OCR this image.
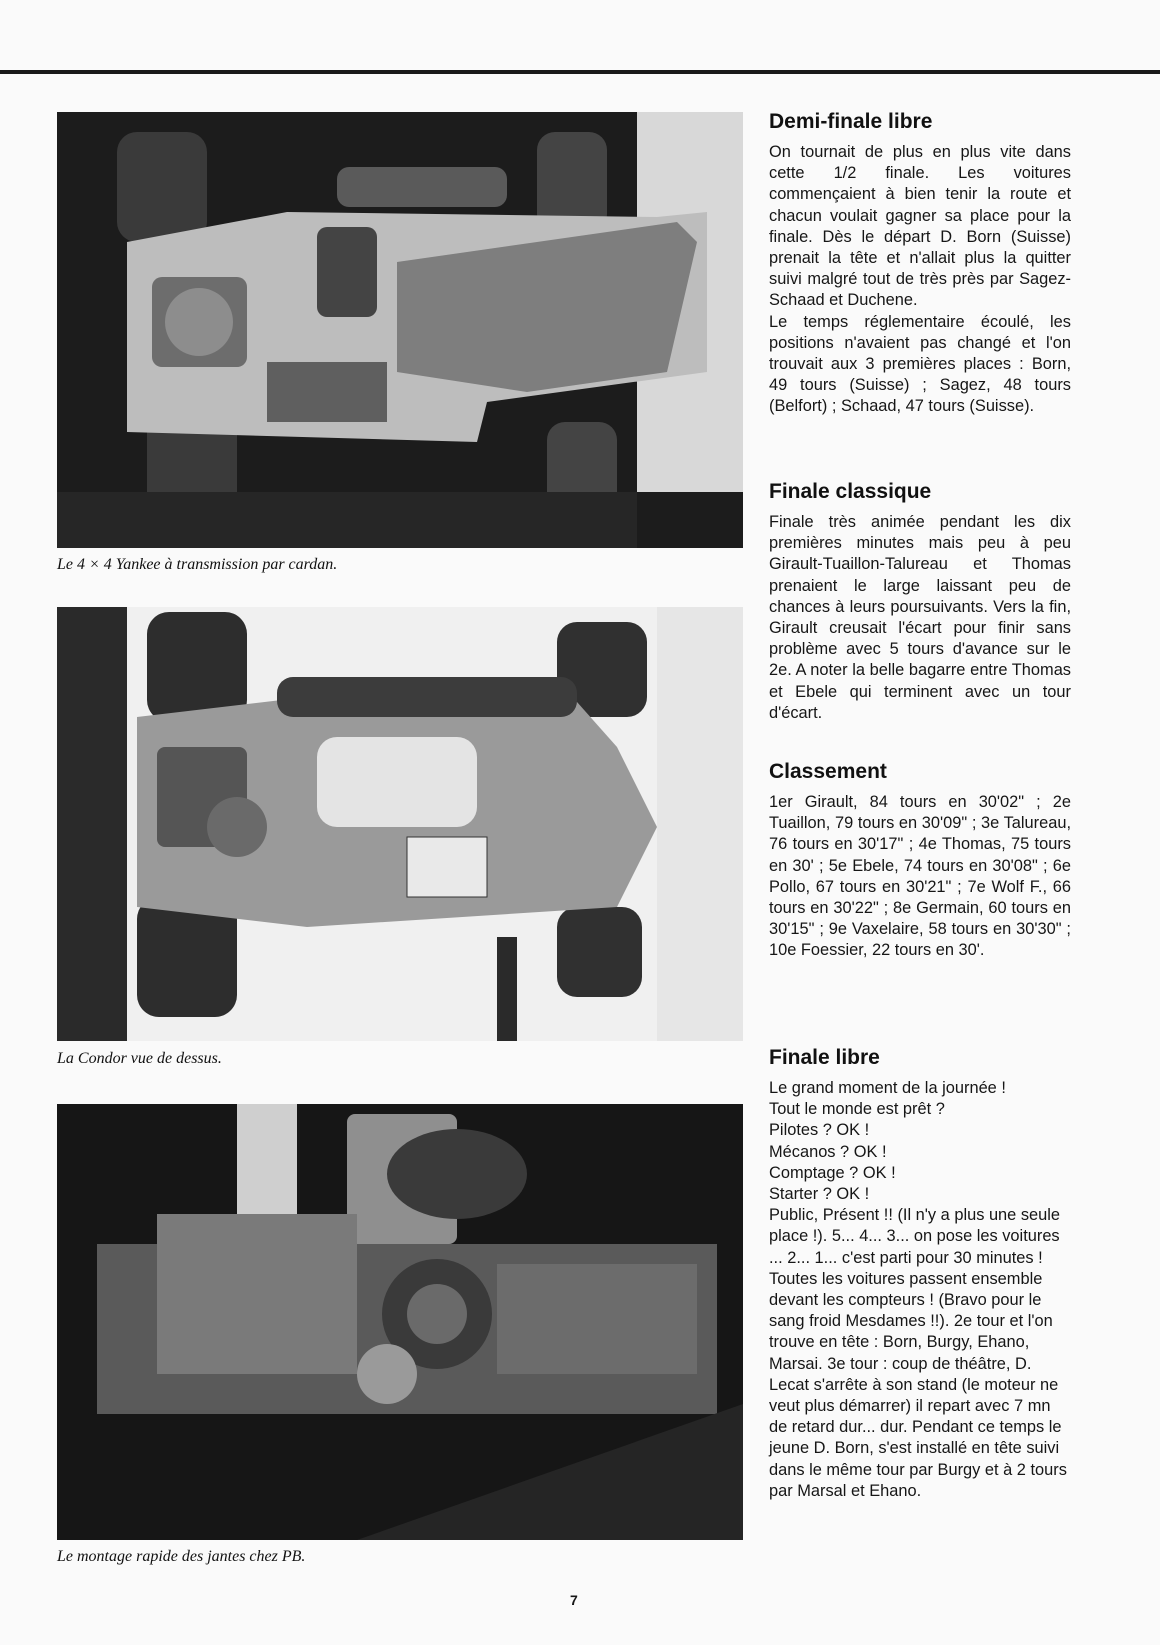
Le 4 × 4 Yankee à transmission par cardan.
La Condor vue de dessus.
Le montage rapide des jantes chez PB.
Demi-finale libre

On tournait de plus en plus vite dans cette 1/2 finale. Les voitures commençaient à bien tenir la route et chacun voulait gagner sa place pour la finale. Dès le départ D. Born (Suisse) prenait la tête et n'allait plus la quitter suivi malgré tout de très près par Sagez-Schaad et Duchene.

Le temps réglementaire écoulé, les positions n'avaient pas changé et l'on trouvait aux 3 premières places : Born, 49 tours (Suisse) ; Sagez, 48 tours (Belfort) ; Schaad, 47 tours (Suisse).

Finale classique

Finale très animée pendant les dix premières minutes mais peu à peu Girault-Tuaillon-Talureau et Thomas prenaient le large laissant peu de chances à leurs poursuivants. Vers la fin, Girault creusait l'écart pour finir sans problème avec 5 tours d'avance sur le 2e. A noter la belle bagarre entre Thomas et Ebele qui terminent avec un tour d'écart.

Classement

1er Girault, 84 tours en 30'02" ; 2e Tuaillon, 79 tours en 30'09" ; 3e Talureau, 76 tours en 30'17" ; 4e Thomas, 75 tours en 30' ; 5e Ebele, 74 tours en 30'08" ; 6e Pollo, 67 tours en 30'21" ; 7e Wolf F., 66 tours en 30'22" ; 8e Germain, 60 tours en 30'15" ; 9e Vaxelaire, 58 tours en 30'30" ; 10e Foessier, 22 tours en 30'.

Finale libre
Le grand moment de la journée !
Tout le monde est prêt ?
Pilotes ? OK !
Mécanos ? OK !
Comptage ? OK !
Starter ? OK !

Public, Présent !! (Il n'y a plus une seule place !). 5... 4... 3... on pose les voitures ... 2... 1... c'est parti pour 30 minutes ! Toutes les voitures passent ensemble devant les compteurs ! (Bravo pour le sang froid Mesdames !!). 2e tour et l'on trouve en tête : Born, Burgy, Ehano, Marsai. 3e tour : coup de théâtre, D. Lecat s'arrête à son stand (le moteur ne veut plus démarrer) il repart avec 7 mn de retard dur... dur. Pendant ce temps le jeune D. Born, s'est installé en tête suivi dans le même tour par Burgy et à 2 tours par Marsal et Ehano.

7
